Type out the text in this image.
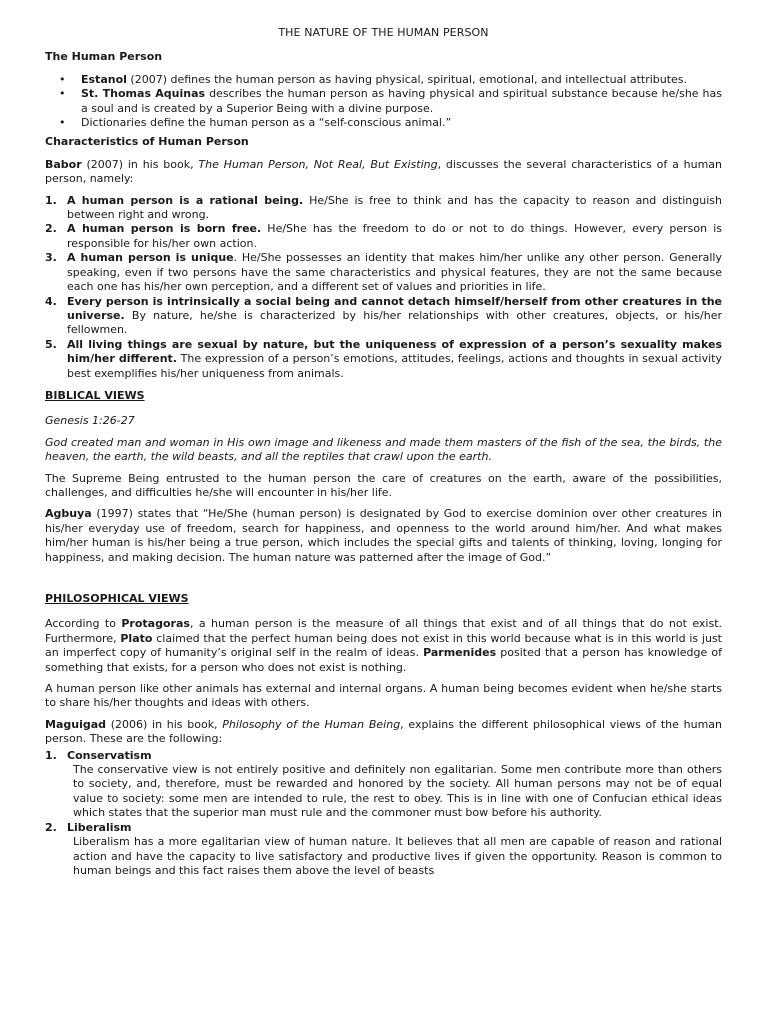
THE NATURE OF THE HUMAN PERSON
The Human Person
• Estanol (2007) defines the human person as having physical, spiritual, emotional, and intellectual attributes.
• St. Thomas Aquinas describes the human person as having physical and spiritual substance because he/she has a soul and is created by a Superior Being with a divine purpose.
• Dictionaries define the human person as a “self-conscious animal.”
Characteristics of Human Person

Babor (2007) in his book, The Human Person, Not Real, But Existing, discusses the several characteristics of a human person, namely:

1. A human person is a rational being. He/She is free to think and has the capacity to reason and distinguish between right and wrong.
2. A human person is born free. He/She has the freedom to do or not to do things. However, every person is responsible for his/her own action.
3. A human person is unique. He/She possesses an identity that makes him/her unlike any other person. Generally speaking, even if two persons have the same characteristics and physical features, they are not the same because each one has his/her own perception, and a different set of values and priorities in life.
4. Every person is intrinsically a social being and cannot detach himself/herself from other creatures in the universe. By nature, he/she is characterized by his/her relationships with other creatures, objects, or his/her fellowmen.
5. All living things are sexual by nature, but the uniqueness of expression of a person’s sexuality makes him/her different. The expression of a person’s emotions, attitudes, feelings, actions and thoughts in sexual activity best exemplifies his/her uniqueness from animals.
BIBLICAL VIEWS

Genesis 1:26-27

God created man and woman in His own image and likeness and made them masters of the fish of the sea, the birds, the heaven, the earth, the wild beasts, and all the reptiles that crawl upon the earth.

The Supreme Being entrusted to the human person the care of creatures on the earth, aware of the possibilities, challenges, and difficulties he/she will encounter in his/her life.

Agbuya (1997) states that “He/She (human person) is designated by God to exercise dominion over other creatures in his/her everyday use of freedom, search for happiness, and openness to the world around him/her. And what makes him/her human is his/her being a true person, which includes the special gifts and talents of thinking, loving, longing for happiness, and making decision. The human nature was patterned after the image of God.”

PHILOSOPHICAL VIEWS

According to Protagoras, a human person is the measure of all things that exist and of all things that do not exist. Furthermore, Plato claimed that the perfect human being does not exist in this world because what is in this world is just an imperfect copy of humanity’s original self in the realm of ideas. Parmenides posited that a person has knowledge of something that exists, for a person who does not exist is nothing.

A human person like other animals has external and internal organs. A human being becomes evident when he/she starts to share his/her thoughts and ideas with others.

Maguigad (2006) in his book, Philosophy of the Human Being, explains the different philosophical views of the human person. These are the following:

1. Conservatism

The conservative view is not entirely positive and definitely non egalitarian. Some men contribute more than others to society, and, therefore, must be rewarded and honored by the society. All human persons may not be of equal value to society: some men are intended to rule, the rest to obey. This is in line with one of Confucian ethical ideas which states that the superior man must rule and the commoner must bow before his authority.

2. Liberalism

Liberalism has a more egalitarian view of human nature. It believes that all men are capable of reason and rational action and have the capacity to live satisfactory and productive lives if given the opportunity. Reason is common to human beings and this fact raises them above the level of beasts
